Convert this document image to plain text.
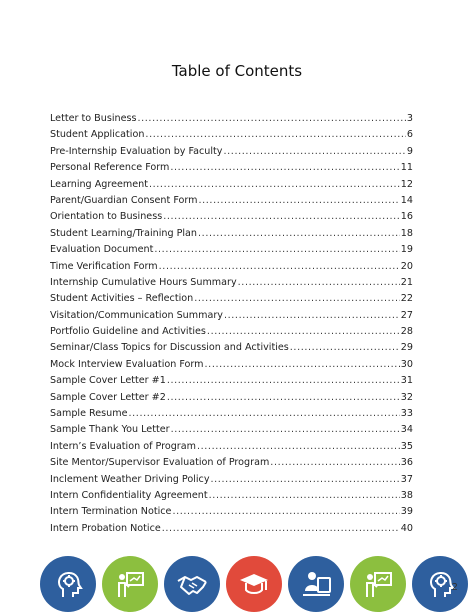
Table of Contents
Letter to Business .....	3
Student Application .....	6
Pre-Internship Evaluation by Faculty .....	9
Personal Reference Form .....	11
Learning Agreement .....	12
Parent/Guardian Consent Form .....	14
Orientation to Business .....	16
Student Learning/Training Plan .....	18
Evaluation Document .....	19
Time Verification Form .....	20
Internship Cumulative Hours Summary .....	21
Student Activities – Reflection .....	22
Visitation/Communication Summary .....	27
Portfolio Guideline and Activities .....	28
Seminar/Class Topics for Discussion and Activities .....	29
Mock Interview Evaluation Form .....	30
Sample Cover Letter #1 .....	31
Sample Cover Letter #2 .....	32
Sample Resume .....	33
Sample Thank You Letter .....	34
Intern’s Evaluation of Program .....	35
Site Mentor/Supervisor Evaluation of Program .....	36
Inclement Weather Driving Policy .....	37
Intern Confidentiality Agreement .....	38
Intern Termination Notice .....	39
Intern Probation Notice .....	40
2
